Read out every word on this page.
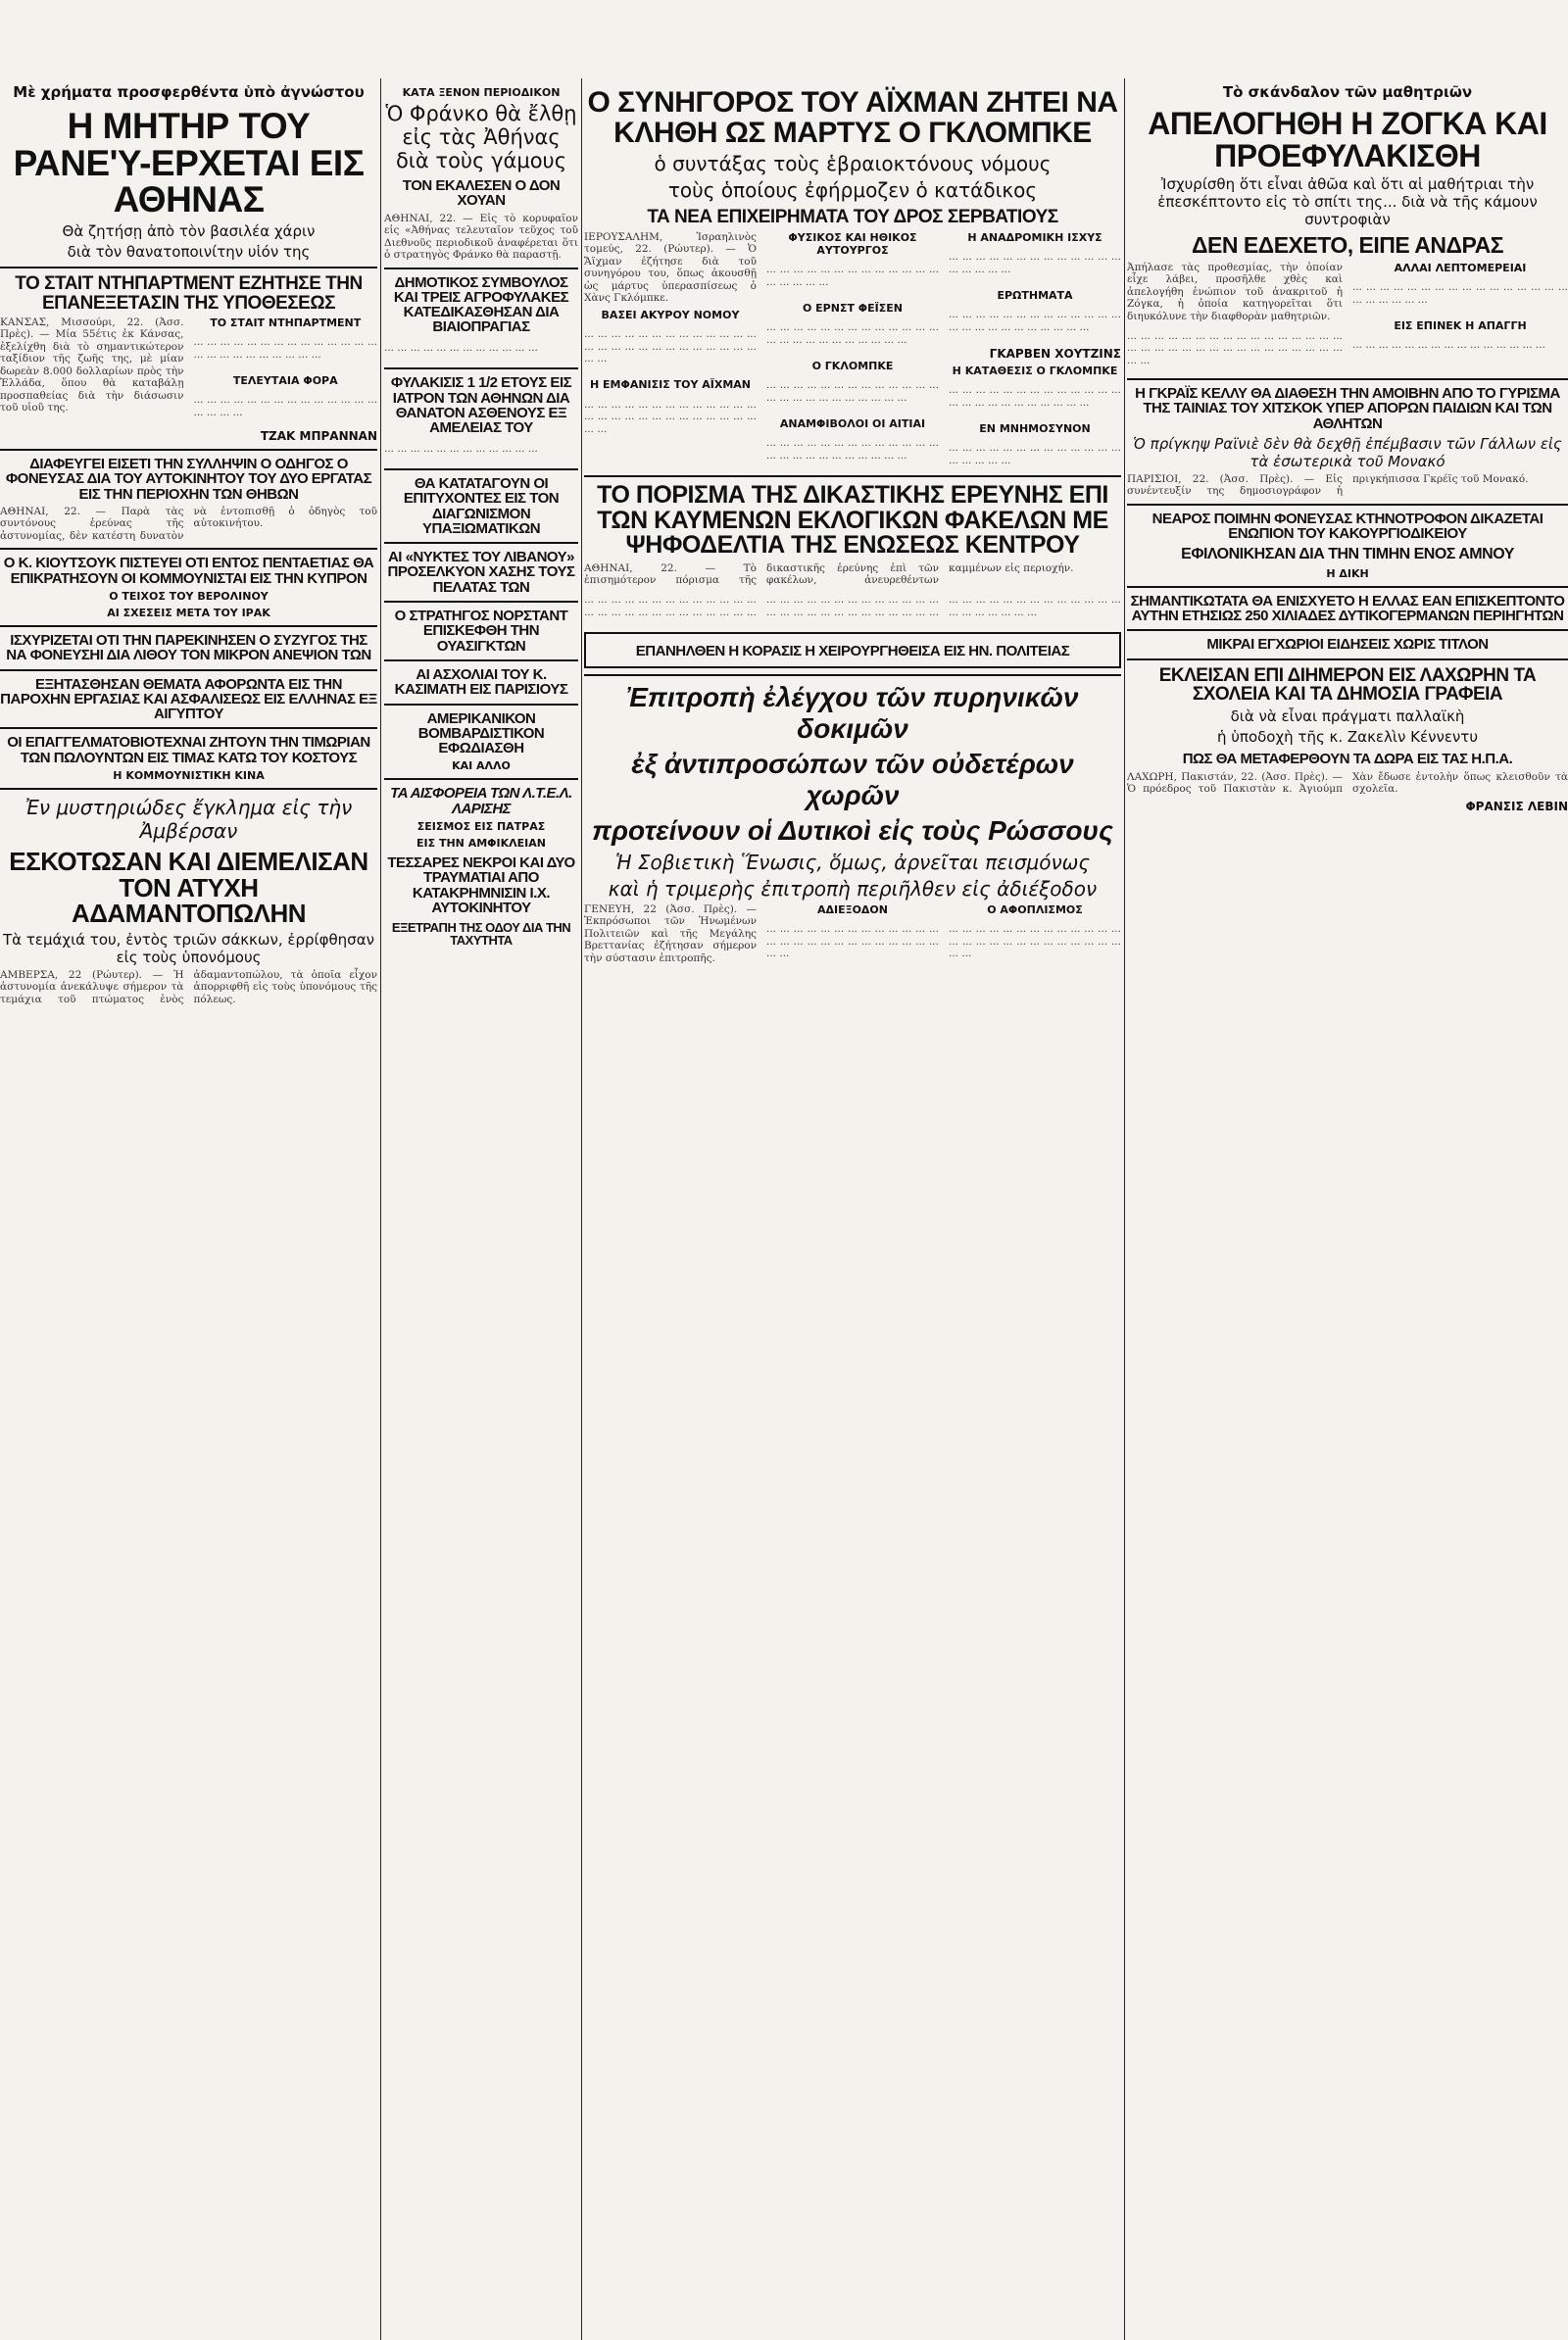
Μὲ χρήματα προσφερθέντα ὑπὸ ἀγνώστου
Η ΜΗΤΗΡ ΤΟΥ ΡΑΝΕ'Υ-ΕΡΧΕΤΑΙ ΕΙΣ ΑΘΗΝΑΣ
Θὰ ζητήσῃ ἀπὸ τὸν βασιλέα χάριν
διὰ τὸν θανατοποινίτην υἱόν της
ΤΟ ΣΤΑΙΤ ΝΤΗΠΑΡΤΜΕΝΤ ΕΖΗΤΗΣΕ ΤΗΝ ΕΠΑΝΕΞΕΤΑΣΙΝ ΤΗΣ ΥΠΟΘΕΣΕΩΣ

ΚΑΝΣΑΣ, Μισσούρι, 22. (Ἀσσ. Πρὲς). — Μία 55έτις ἐκ Κάνσας, ἐξελίχθη διὰ τὸ σημαντικώτερον ταξίδιον τῆς ζωῆς της, μὲ μίαν δωρεὰν 8.000 δολλαρίων πρὸς τὴν Ἑλλάδα, ὅπου θὰ καταβάλῃ προσπαθείας διὰ τὴν διάσωσιν τοῦ υἱοῦ της.

ΤΟ ΣΤΑΙΤ ΝΤΗΠΑΡΤΜΕΝΤ

··· ··· ··· ··· ··· ··· ··· ··· ··· ··· ··· ··· ··· ··· ··· ··· ··· ··· ··· ··· ··· ··· ··· ···

ΤΕΛΕΥΤΑΙΑ ΦΟΡΑ

··· ··· ··· ··· ··· ··· ··· ··· ··· ··· ··· ··· ··· ··· ··· ··· ··· ···

ΤΖΑΚ ΜΠΡΑΝΝΑΝ
ΔΙΑΦΕΥΓΕΙ ΕΙΣΕΤΙ ΤΗΝ ΣΥΛΛΗΨΙΝ Ο ΟΔΗΓΟΣ Ο ΦΟΝΕΥΣΑΣ ΔΙΑ ΤΟΥ ΑΥΤΟΚΙΝΗΤΟΥ ΤΟΥ ΔΥΟ ΕΡΓΑΤΑΣ ΕΙΣ ΤΗΝ ΠΕΡΙΟΧΗΝ ΤΩΝ ΘΗΒΩΝ

ΑΘΗΝΑΙ, 22. — Παρὰ τὰς συντόνους ἐρεύνας τῆς ἀστυνομίας, δὲν κατέστη δυνατὸν νὰ ἐντοπισθῇ ὁ ὁδηγὸς τοῦ αὐτοκινήτου.

Ο Κ. ΚΙΟΥΤΣΟΥΚ ΠΙΣΤΕΥΕΙ ΟΤΙ ΕΝΤΟΣ ΠΕΝΤΑΕΤΙΑΣ ΘΑ ΕΠΙΚΡΑΤΗΣΟΥΝ ΟΙ ΚΟΜΜΟΥΝΙΣΤΑΙ ΕΙΣ ΤΗΝ ΚΥΠΡΟΝ
Ο ΤΕΙΧΟΣ ΤΟΥ ΒΕΡΟΛΙΝΟΥ
ΑΙ ΣΧΕΣΕΙΣ ΜΕΤΑ ΤΟΥ ΙΡΑΚ
ΙΣΧΥΡΙΖΕΤΑΙ ΟΤΙ ΤΗΝ ΠΑΡΕΚΙΝΗΣΕΝ Ο ΣΥΖΥΓΟΣ ΤΗΣ ΝΑ ΦΟΝΕΥΣΗΙ ΔΙΑ ΛΙΘΟΥ ΤΟΝ ΜΙΚΡΟΝ ΑΝΕΨΙΟΝ ΤΩΝ
ΕΞΗΤΑΣΘΗΣΑΝ ΘΕΜΑΤΑ ΑΦΟΡΩΝΤΑ ΕΙΣ ΤΗΝ ΠΑΡΟΧΗΝ ΕΡΓΑΣΙΑΣ ΚΑΙ ΑΣΦΑΛΙΣΕΩΣ ΕΙΣ ΕΛΛΗΝΑΣ ΕΞ ΑΙΓΥΠΤΟΥ
ΟΙ ΕΠΑΓΓΕΛΜΑΤΟΒΙΟΤΕΧΝΑΙ ΖΗΤΟΥΝ ΤΗΝ ΤΙΜΩΡΙΑΝ ΤΩΝ ΠΩΛΟΥΝΤΩΝ ΕΙΣ ΤΙΜΑΣ ΚΑΤΩ ΤΟΥ ΚΟΣΤΟΥΣ
Η ΚΟΜΜΟΥΝΙΣΤΙΚΗ ΚΙΝΑ
Ἐν μυστηριώδες ἔγκλημα εἰς τὴν Ἀμβέρσαν
ΕΣΚΟΤΩΣΑΝ ΚΑΙ ΔΙΕΜΕΛΙΣΑΝ ΤΟΝ ΑΤΥΧΗ ΑΔΑΜΑΝΤΟΠΩΛΗΝ
Τὰ τεμάχιά του, ἐντὸς τριῶν σάκκων, ἐρρίφθησαν εἰς τοὺς ὑπονόμους

ΑΜΒΕΡΣΑ, 22 (Ρώυτερ). — Ἡ ἀστυνομία ἀνεκάλυψε σήμερον τὰ τεμάχια τοῦ πτώματος ἑνὸς ἀδαμαντοπώλου, τὰ ὁποῖα εἶχον ἀπορριφθῆ εἰς τοὺς ὑπονόμους τῆς πόλεως.

ΚΑΤΑ ΞΕΝΟΝ ΠΕΡΙΟΔΙΚΟΝ
Ὁ Φράνκο θὰ ἔλθῃ εἰς τὰς Ἀθήνας διὰ τοὺς γάμους
ΤΟΝ ΕΚΑΛΕΣΕΝ Ο ΔΟΝ ΧΟΥΑΝ

ΑΘΗΝΑΙ, 22. — Εἰς τὸ κορυφαῖον εἰς «Ἀθήνας τελευταῖον τεῦχος τοῦ Διεθνοῦς περιοδικοῦ ἀναφέρεται ὅτι ὁ στρατηγὸς Φράνκο θὰ παραστῇ.

ΔΗΜΟΤΙΚΟΣ ΣΥΜΒΟΥΛΟΣ ΚΑΙ ΤΡΕΙΣ ΑΓΡΟΦΥΛΑΚΕΣ ΚΑΤΕΔΙΚΑΣΘΗΣΑΝ ΔΙΑ ΒΙΑΙΟΠΡΑΓΙΑΣ

··· ··· ··· ··· ··· ··· ··· ··· ··· ··· ··· ···

ΦΥΛΑΚΙΣΙΣ 1 1/2 ΕΤΟΥΣ ΕΙΣ ΙΑΤΡΟΝ ΤΩΝ ΑΘΗΝΩΝ ΔΙΑ ΘΑΝΑΤΟΝ ΑΣΘΕΝΟΥΣ ΕΞ ΑΜΕΛΕΙΑΣ ΤΟΥ

··· ··· ··· ··· ··· ··· ··· ··· ··· ··· ··· ···

ΘΑ ΚΑΤΑΤΑΓΟΥΝ ΟΙ ΕΠΙΤΥΧΟΝΤΕΣ ΕΙΣ ΤΟΝ ΔΙΑΓΩΝΙΣΜΟΝ ΥΠΑΞΙΩΜΑΤΙΚΩΝ
ΑΙ «ΝΥΚΤΕΣ ΤΟΥ ΛΙΒΑΝΟΥ» ΠΡΟΣΕΛΚΥΟΝ ΧΑΣΗΣ ΤΟΥΣ ΠΕΛΑΤΑΣ ΤΩΝ
Ο ΣΤΡΑΤΗΓΟΣ ΝΟΡΣΤΑΝΤ ΕΠΙΣΚΕΦΘΗ ΤΗΝ ΟΥΑΣΙΓΚΤΩΝ
ΑΙ ΑΣΧΟΛΙΑΙ ΤΟΥ Κ. ΚΑΣΙΜΑΤΗ ΕΙΣ ΠΑΡΙΣΙΟΥΣ
ΑΜΕΡΙΚΑΝΙΚΟΝ ΒΟΜΒΑΡΔΙΣΤΙΚΟΝ ΕΦΩΔΙΑΣΘΗ
ΚΑΙ ΑΛΛΟ
ΤΑ ΑΙΣΦΟΡΕΙΑ ΤΩΝ Λ.Τ.Ε.Λ. ΛΑΡΙΣΗΣ
ΣΕΙΣΜΟΣ ΕΙΣ ΠΑΤΡΑΣ
ΕΙΣ ΤΗΝ ΑΜΦΙΚΛΕΙΑΝ
ΤΕΣΣΑΡΕΣ ΝΕΚΡΟΙ ΚΑΙ ΔΥΟ ΤΡΑΥΜΑΤΙΑΙ ΑΠΟ ΚΑΤΑΚΡΗΜΝΙΣΙΝ Ι.Χ. ΑΥΤΟΚΙΝΗΤΟΥ
ΕΞΕΤΡΑΠΗ ΤΗΣ ΟΔΟΥ ΔΙΑ ΤΗΝ ΤΑΧΥΤΗΤΑ
Ο ΣΥΝΗΓΟΡΟΣ ΤΟΥ ΑΪΧΜΑΝ ΖΗΤΕΙ ΝΑ ΚΛΗΘΗ ΩΣ ΜΑΡΤΥΣ Ο ΓΚΛΟΜΠΚΕ
ὁ συντάξας τοὺς ἑβραιοκτόνους νόμους
τοὺς ὁποίους ἐφήρμοζεν ὁ κατάδικος
ΤΑ ΝΕΑ ΕΠΙΧΕΙΡΗΜΑΤΑ ΤΟΥ ΔΡΟΣ ΣΕΡΒΑΤΙΟΥΣ

ΙΕΡΟΥΣΑΛΗΜ, Ἰσραηλινὸς τομεύς, 22. (Ρώυτερ). — Ὁ Ἄϊχμαν ἐζήτησε διὰ τοῦ συνηγόρου του, ὅπως ἀκουσθῇ ὡς μάρτυς ὑπερασπίσεως ὁ Χὰνς Γκλόμπκε.

ΒΑΣΕΙ ΑΚΥΡΟΥ ΝΟΜΟΥ

··· ··· ··· ··· ··· ··· ··· ··· ··· ··· ··· ··· ··· ··· ··· ··· ··· ··· ··· ··· ··· ··· ··· ··· ··· ··· ··· ···

Η ΕΜΦΑΝΙΣΙΣ ΤΟΥ ΑΪΧΜΑΝ

··· ··· ··· ··· ··· ··· ··· ··· ··· ··· ··· ··· ··· ··· ··· ··· ··· ··· ··· ··· ··· ··· ··· ··· ··· ··· ··· ···

ΦΥΣΙΚΟΣ ΚΑΙ ΗΘΙΚΟΣ ΑΥΤΟΥΡΓΟΣ

··· ··· ··· ··· ··· ··· ··· ··· ··· ··· ··· ··· ··· ··· ··· ··· ··· ···

Ο ΕΡΝΣΤ ΦΕΪΣΕΝ

··· ··· ··· ··· ··· ··· ··· ··· ··· ··· ··· ··· ··· ··· ··· ··· ··· ··· ··· ··· ··· ··· ··· ···

Ο ΓΚΛΟΜΠΚΕ

··· ··· ··· ··· ··· ··· ··· ··· ··· ··· ··· ··· ··· ··· ··· ··· ··· ··· ··· ··· ··· ··· ··· ···

ΑΝΑΜΦΙΒΟΛΟΙ ΟΙ ΑΙΤΙΑΙ

··· ··· ··· ··· ··· ··· ··· ··· ··· ··· ··· ··· ··· ··· ··· ··· ··· ··· ··· ··· ··· ··· ··· ···

Η ΑΝΑΔΡΟΜΙΚΗ ΙΣΧΥΣ

··· ··· ··· ··· ··· ··· ··· ··· ··· ··· ··· ··· ··· ··· ··· ··· ··· ···

ΕΡΩΤΗΜΑΤΑ

··· ··· ··· ··· ··· ··· ··· ··· ··· ··· ··· ··· ··· ··· ··· ··· ··· ··· ··· ··· ··· ··· ··· ···

ΓΚΑΡΒΕΝ ΧΟΥΤΖΙΝΣ
Η ΚΑΤΑΘΕΣΙΣ Ο ΓΚΛΟΜΠΚΕ

··· ··· ··· ··· ··· ··· ··· ··· ··· ··· ··· ··· ··· ··· ··· ··· ··· ··· ··· ··· ··· ··· ··· ···

ΕΝ ΜΝΗΜΟΣΥΝΟΝ

··· ··· ··· ··· ··· ··· ··· ··· ··· ··· ··· ··· ··· ··· ··· ··· ··· ···

ΤΟ ΠΟΡΙΣΜΑ ΤΗΣ ΔΙΚΑΣΤΙΚΗΣ ΕΡΕΥΝΗΣ ΕΠΙ ΤΩΝ ΚΑΥΜΕΝΩΝ ΕΚΛΟΓΙΚΩΝ ΦΑΚΕΛΩΝ ΜΕ ΨΗΦΟΔΕΛΤΙΑ ΤΗΣ ΕΝΩΣΕΩΣ ΚΕΝΤΡΟΥ

ΑΘΗΝΑΙ, 22. — Τὸ ἐπισημότερον πόρισμα τῆς δικαστικῆς ἐρεύνης ἐπὶ τῶν φακέλων, ἀνευρεθέντων καμμένων εἰς περιοχήν.

··· ··· ··· ··· ··· ··· ··· ··· ··· ··· ··· ··· ··· ··· ··· ··· ··· ··· ··· ··· ··· ··· ··· ··· ··· ··· ··· ··· ··· ··· ··· ··· ··· ··· ··· ··· ··· ··· ··· ··· ··· ··· ··· ··· ··· ··· ··· ··· ··· ··· ··· ··· ··· ··· ··· ··· ··· ··· ··· ··· ··· ··· ··· ··· ··· ··· ··· ··· ··· ··· ··· ···

ΕΠΑΝΗΛΘΕΝ Η ΚΟΡΑΣΙΣ Η ΧΕΙΡΟΥΡΓΗΘΕΙΣΑ ΕΙΣ ΗΝ. ΠΟΛΙΤΕΙΑΣ
Ἐπιτροπὴ ἐλέγχου τῶν πυρηνικῶν δοκιμῶν
ἐξ ἀντιπροσώπων τῶν οὐδετέρων χωρῶν
προτείνουν οἱ Δυτικοὶ εἰς τοὺς Ρώσσους
Ἡ Σοβιετικὴ Ἕνωσις, ὅμως, ἀρνεῖται πεισμόνως
καὶ ἡ τριμερὴς ἐπιτροπὴ περιῆλθεν εἰς ἀδιέξοδον

ΓΕΝΕΥΗ, 22 (Ἀσσ. Πρὲς). — Ἐκπρόσωποι τῶν Ἡνωμένων Πολιτειῶν καὶ τῆς Μεγάλης Βρεττανίας ἐζήτησαν σήμερον τὴν σύστασιν ἐπιτροπῆς.

ΑΔΙΕΞΟΔΟΝ

··· ··· ··· ··· ··· ··· ··· ··· ··· ··· ··· ··· ··· ··· ··· ··· ··· ··· ··· ··· ··· ··· ··· ··· ··· ··· ··· ···

Ο ΑΦΟΠΛΙΣΜΟΣ

··· ··· ··· ··· ··· ··· ··· ··· ··· ··· ··· ··· ··· ··· ··· ··· ··· ··· ··· ··· ··· ··· ··· ··· ··· ··· ··· ···

Τὸ σκάνδαλον τῶν μαθητριῶν
ΑΠΕΛΟΓΗΘΗ Η ΖΟΓΚΑ ΚΑΙ ΠΡΟΕΦΥΛΑΚΙΣΘΗ
Ἰσχυρίσθη ὅτι εἶναι ἀθῶα καὶ ὅτι αἱ μαθήτριαι τὴν ἐπεσκέπτοντο εἰς τὸ σπίτι της... διὰ νὰ τῆς κάμουν συντροφιὰν
ΔΕΝ ΕΔΕΧΕΤΟ, ΕΙΠΕ ΑΝΔΡΑΣ

Ἀπήλασε τὰς προθεσμίας, τὴν ὁποίαν εἶχε λάβει, προσῆλθε χθὲς καὶ ἀπελογήθη ἐνώπιον τοῦ ἀνακριτοῦ ἡ Ζόγκα, ἡ ὁποία κατηγορεῖται ὅτι διηυκόλυνε τὴν διαφθορὰν μαθητριῶν.

··· ··· ··· ··· ··· ··· ··· ··· ··· ··· ··· ··· ··· ··· ··· ··· ··· ··· ··· ··· ··· ··· ··· ··· ··· ··· ··· ··· ··· ··· ··· ··· ··· ···

ΑΛΛΑΙ ΛΕΠΤΟΜΕΡΕΙΑΙ

··· ··· ··· ··· ··· ··· ··· ··· ··· ··· ··· ··· ··· ··· ··· ··· ··· ··· ··· ··· ··· ···

ΕΙΣ ΕΠΙΝΕΚ Η ΑΠΑΓΓΗ

··· ··· ··· ··· ··· ··· ··· ··· ··· ··· ··· ··· ··· ··· ···

Η ΓΚΡΑΪΣ ΚΕΛΛΥ ΘΑ ΔΙΑΘΕΣΗ ΤΗΝ ΑΜΟΙΒΗΝ ΑΠΟ ΤΟ ΓΥΡΙΣΜΑ ΤΗΣ ΤΑΙΝΙΑΣ ΤΟΥ ΧΙΤΣΚΟΚ ΥΠΕΡ ΑΠΟΡΩΝ ΠΑΙΔΙΩΝ ΚΑΙ ΤΩΝ ΑΘΛΗΤΩΝ
Ὁ πρίγκηψ Ραϊνιὲ δὲν θὰ δεχθῇ ἐπέμβασιν τῶν Γάλλων εἰς τὰ ἐσωτερικὰ τοῦ Μονακό

ΠΑΡΙΣΙΟΙ, 22. (Ἀσσ. Πρὲς). — Εἰς συνέντευξίν της δημοσιογράφον ἡ πριγκήπισσα Γκρέϊς τοῦ Μονακό.

ΝΕΑΡΟΣ ΠΟΙΜΗΝ ΦΟΝΕΥΣΑΣ ΚΤΗΝΟΤΡΟΦΟΝ ΔΙΚΑΖΕΤΑΙ ΕΝΩΠΙΟΝ ΤΟΥ ΚΑΚΟΥΡΓΙΟΔΙΚΕΙΟΥ
ΕΦΙΛΟΝΙΚΗΣΑΝ ΔΙΑ ΤΗΝ ΤΙΜΗΝ ΕΝΟΣ ΑΜΝΟΥ
Η ΔΙΚΗ
ΣΗΜΑΝΤΙΚΩΤΑΤΑ ΘΑ ΕΝΙΣΧΥΕΤΟ Η ΕΛΛΑΣ ΕΑΝ ΕΠΙΣΚΕΠΤΟΝΤΟ ΑΥΤΗΝ ΕΤΗΣΙΩΣ 250 ΧΙΛΙΑΔΕΣ ΔΥΤΙΚΟΓΕΡΜΑΝΩΝ ΠΕΡΙΗΓΗΤΩΝ
ΜΙΚΡΑΙ ΕΓΧΩΡΙΟΙ ΕΙΔΗΣΕΙΣ ΧΩΡΙΣ ΤΙΤΛΟΝ
ΕΚΛΕΙΣΑΝ ΕΠΙ ΔΙΗΜΕΡΟΝ ΕΙΣ ΛΑΧΩΡΗΝ ΤΑ ΣΧΟΛΕΙΑ ΚΑΙ ΤΑ ΔΗΜΟΣΙΑ ΓΡΑΦΕΙΑ
διὰ νὰ εἶναι πράγματι παλλαϊκὴ
ἡ ὑποδοχὴ τῆς κ. Ζακελὶν Κέννεντυ
ΠΩΣ ΘΑ ΜΕΤΑΦΕΡΘΟΥΝ ΤΑ ΔΩΡΑ ΕΙΣ ΤΑΣ Η.Π.Α.

ΛΑΧΩΡΗ, Πακιστάν, 22. (Ἀσσ. Πρὲς). — Ὁ πρόεδρος τοῦ Πακιστὰν κ. Ἀγιούμπ Χὰν ἔδωσε ἐντολὴν ὅπως κλεισθοῦν τὰ σχολεῖα.

ΦΡΑΝΣΙΣ ΛΕΒΙΝ
